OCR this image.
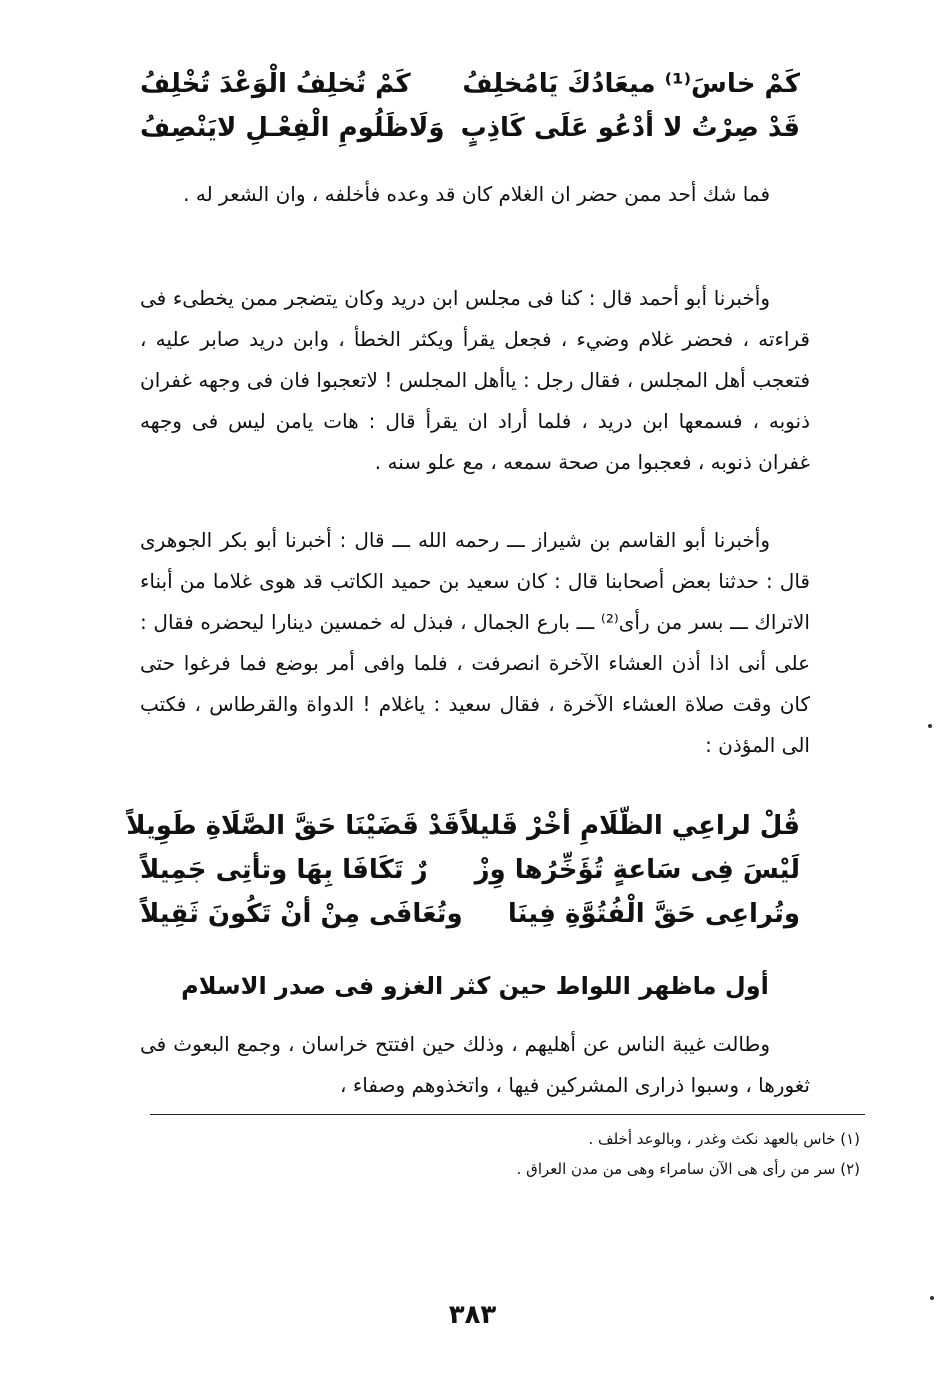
كَمْ خاسَ⁽¹⁾ ميعَادُكَ يَامُخلِفُ
كَمْ تُخلِفُ الْوَعْدَ تُخْلِفُ
قَدْ صِرْتُ لا أدْعُو عَلَى كَاذِبٍ
وَلَاظَلُومِ الْفِعْـلِ لايَنْصِفُ

فما شك أحد ممن حضر ان الغلام كان قد وعده فأخلفه ، وان الشعر له .

وأخبرنا أبو أحمد قال : كنا فى مجلس ابن دريد وكان يتضجر ممن يخطىء فى قراءته ، فحضر غلام وضيء ، فجعل يقرأ ويكثر الخطأ ، وابن دريد صابر عليه ، فتعجب أهل المجلس ، فقال رجل : ياأهل المجلس ! لاتعجبوا فان فى وجهه غفران ذنوبه ، فسمعها ابن دريد ، فلما أراد ان يقرأ قال : هات يامن ليس فى وجهه غفران ذنوبه ، فعجبوا من صحة سمعه ، مع علو سنه .

وأخبرنا أبو القاسم بن شيراز ـــ رحمه الله ـــ قال : أخبرنا أبو بكر الجوهرى قال : حدثنا بعض أصحابنا قال : كان سعيد بن حميد الكاتب قد هوى غلاما من أبناء الاتراك ـــ بسر من رأى⁽²⁾ ـــ بارع الجمال ، فبذل له خمسين دينارا ليحضره فقال : على أنى اذا أذن العشاء الآخرة انصرفت ، فلما وافى أمر بوضع فما فرغوا حتى كان وقت صلاة العشاء الآخرة ، فقال سعيد : ياغلام ! الدواة والقرطاس ، فكتب الى المؤذن :

قُلْ لراعِي الظّلَامِ أخْرْ قَليلاً
قَدْ قَضَيْنَا حَقَّ الصَّلَاةِ طَوِيلاً
لَيْسَ فِى سَاعةٍ تُؤَخِّرُها وِزْ
رٌ تَكَافَا بِهَا وتأتِى جَمِيلاً
وتُراعِى حَقَّ الْفُتُوَّةِ فِينَا
وتُعَافَى مِنْ أنْ تَكُونَ ثَقِيلاً
أول ماظهر اللواط حين كثر الغزو فى صدر الاسلام

وطالت غيبة الناس عن أهليهم ، وذلك حين افتتح خراسان ، وجمع البعوث فى ثغورها ، وسبوا ذرارى المشركين فيها ، واتخذوهم وصفاء ،

(١) خاس بالعهد نكث وغدر ، وبالوعد أخلف .
(٢) سر من رأى هى الآن سامراء وهى من مدن العراق .
٣٨٣
